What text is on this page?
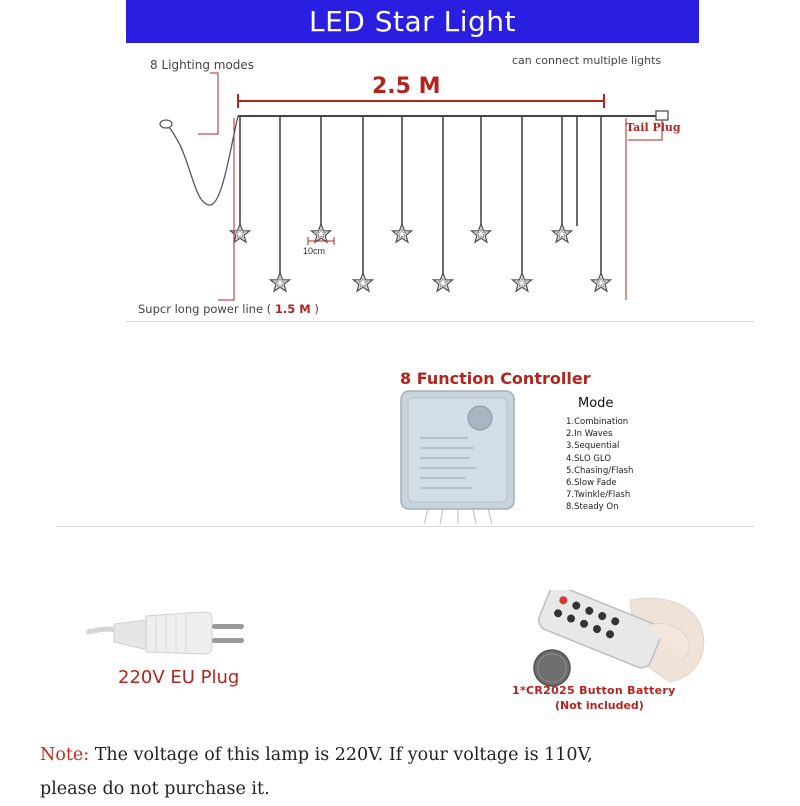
LED Star Light
8 Lighting modes	can connect multiple lights
2.5 M
Tail Plug
10cm
Supcr long power line ( 1.5 M )
8 Function Controller
Mode
1.Combination
2.In Waves
3.Sequential
4.SLO GLO
5.Chasing/Flash
6.Slow Fade
7.Twinkle/Flash
8.Steady On
220V EU Plug
1*CR2025 Button Battery
(Not included)
Note: The voltage of this lamp is 220V. If your voltage is 110V,
please do not purchase it.
